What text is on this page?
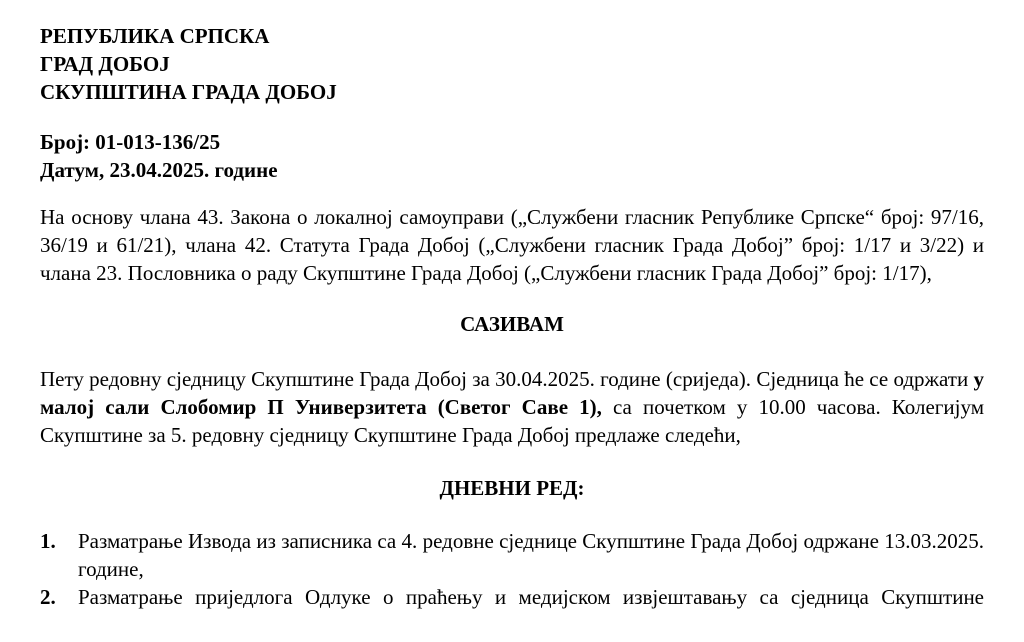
РЕПУБЛИКА СРПСКА
ГРАД ДОБОЈ
СКУПШТИНА ГРАДА ДОБОЈ
Број: 01-013-136/25
Датум, 23.04.2025. године

На основу члана 43. Закона о локалној самоуправи („Службени гласник Републике Српске“ број: 97/16, 36/19 и 61/21), члана 42. Статута Града Добој („Службени гласник Града Добој” број: 1/17 и 3/22) и члана 23. Пословника о раду Скупштине Града Добој („Службени гласник Града Добој” број: 1/17),

САЗИВАМ

Пету редовну сједницу Скупштине Града Добој за 30.04.2025. године (сриједа). Сједница ће се одржати у малој сали Слобомир П Универзитета (Светог Саве 1), са почетком у 10.00 часова. Колегијум Скупштине за 5. редовну сједницу Скупштине Града Добој предлаже следећи,

ДНЕВНИ РЕД:
1.	Разматрање Извода из записника са 4. редовне сједнице Скупштине Града Добој одржане 13.03.2025. године,
2.	Разматрање приједлога Одлуке о праћењу и медијском извјештавању са сједница Скупштине
